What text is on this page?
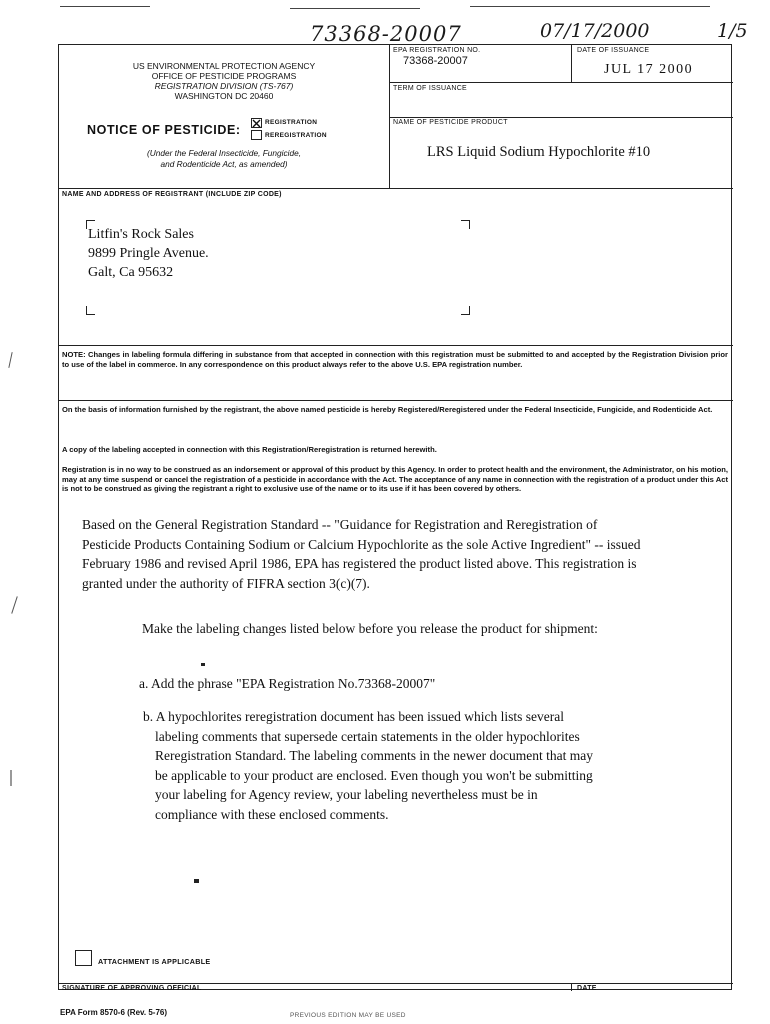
73368-20007	07/17/2000	1/5
US ENVIRONMENTAL PROTECTION AGENCY
OFFICE OF PESTICIDE PROGRAMS
REGISTRATION DIVISION (TS-767)
WASHINGTON DC 20460
NOTICE OF PESTICIDE:
REGISTRATION
REREGISTRATION
(Under the Federal Insecticide, Fungicide,
and Rodenticide Act, as amended)
EPA REGISTRATION NO.
73368-20007
DATE OF ISSUANCE
JUL 17 2000
TERM OF ISSUANCE
NAME OF PESTICIDE PRODUCT
LRS Liquid Sodium Hypochlorite #10
NAME AND ADDRESS OF REGISTRANT (INCLUDE ZIP CODE)
Litfin's Rock Sales
9899 Pringle Avenue.
Galt, Ca 95632
NOTE: Changes in labeling formula differing in substance from that accepted in connection with this registration must be submitted to and accepted by the Registration Division prior to use of the label in commerce. In any correspondence on this product always refer to the above U.S. EPA registration number.
On the basis of information furnished by the registrant, the above named pesticide is hereby Registered/Reregistered under the Federal Insecticide, Fungicide, and Rodenticide Act.
A copy of the labeling accepted in connection with this Registration/Reregistration is returned herewith.
Registration is in no way to be construed as an indorsement or approval of this product by this Agency. In order to protect health and the environment, the Administrator, on his motion, may at any time suspend or cancel the registration of a pesticide in accordance with the Act. The acceptance of any name in connection with the registration of a product under this Act is not to be construed as giving the registrant a right to exclusive use of the name or to its use if it has been covered by others.
Based on the General Registration Standard -- "Guidance for Registration and Reregistration of Pesticide Products Containing Sodium or Calcium Hypochlorite as the sole Active Ingredient" -- issued February 1986 and revised April 1986, EPA has registered the product listed above. This registration is granted under the authority of FIFRA section 3(c)(7).
Make the labeling changes listed below before you release the product for shipment:
a. Add the phrase "EPA Registration No.73368-20007"
b. A hypochlorites reregistration document has been issued which lists several labeling comments that supersede certain statements in the older hypochlorites Reregistration Standard. The labeling comments in the newer document that may be applicable to your product are enclosed. Even though you won't be submitting your labeling for Agency review, your labeling nevertheless must be in compliance with these enclosed comments.
ATTACHMENT IS APPLICABLE
SIGNATURE OF APPROVING OFFICIAL	DATE
EPA Form 8570-6 (Rev. 5-76)	PREVIOUS EDITION MAY BE USED
